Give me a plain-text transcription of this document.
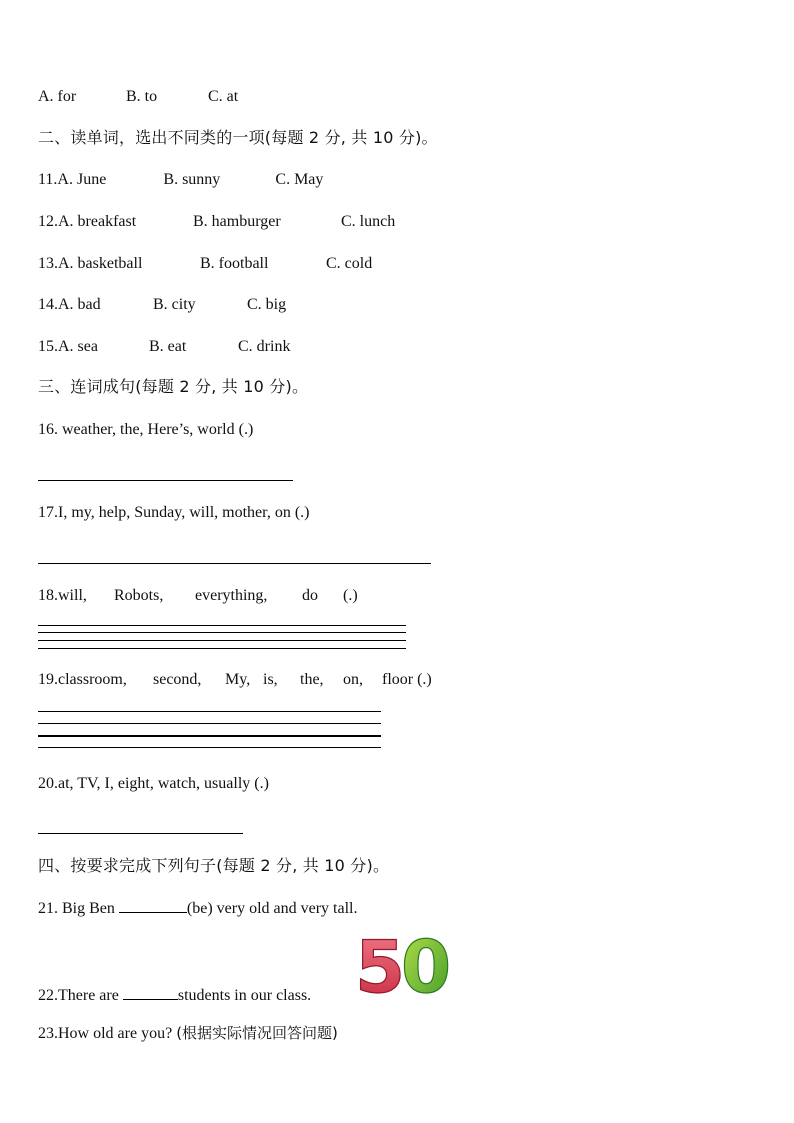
A. for	B. to	C. at
二、读单词，选出不同类的一项(每题 2 分, 共 10 分)。
11.A. June	B. sunny	C. May
12.A. breakfast	B. hamburger	C. lunch
13.A. basketball	B. football	C. cold
14.A. bad	B. city	C. big
15.A. sea	B. eat	C. drink
三、连词成句(每题 2 分, 共 10 分)。
16. weather, the, Here’s, world (.)
17.I, my, help, Sunday, will, mother, on (.)
18.will, Robots, everything, do (.)
19.classroom, second, My, is, the, on, floor (.)
20.at, TV, I, eight, watch, usually (.)
四、按要求完成下列句子(每题 2 分, 共 10 分)。
21. Big Ben	(be) very old and very tall.
22.There are	students in our class. 5
0
23.How old are you? (根据实际情况回答问题)
